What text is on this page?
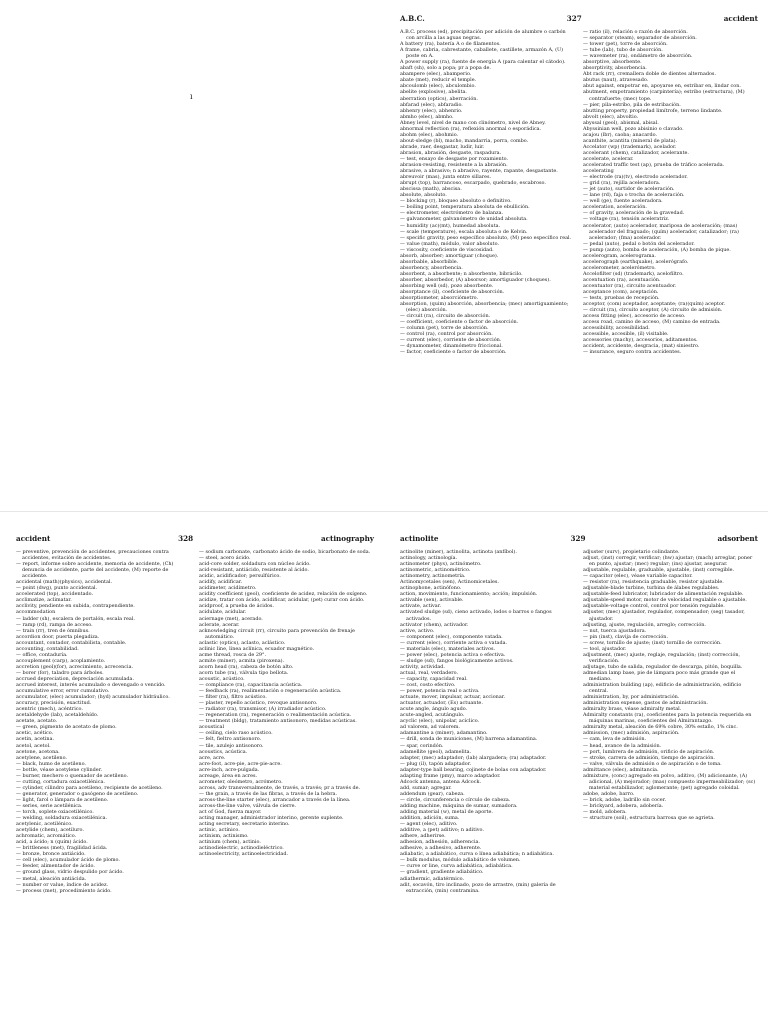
ı
A.B.C.	327	accident

A.B.C. process (ed), precipitación por adición de alumbre o carbón con arcilla a las aguas negras.

A battery (ra), batería A o de filamentos.

A frame, cabria, cabrestante, caballete, castillete, armazón A, (U) poste en A.

A power supply (ra), fuente de energía A (para calentar el cátodo).

abaft (sh), solo a popa; pr a popa de.

abampere (elec), abamperio.

abate (met), reducir el temple.

abcoulomb (elec), abculombio.

abelite (explosive), abelita.

aberration (optics), aberración.

abfarad (elec), abfaradio.

abhenry (elec), abhenrio.

abmho (elec), abmho.

Abney level, nivel de mano con clinómetro, nivel de Abney.

abnormal reflection (ra), reflexión anormal o esporádica.

abohm (elec), abohmio.

about-sledge (bl), macho, mandarria, porra, combo.

abrade, raer, desgastar, ludir, luir.

abrasion, abrasión, desgaste, raspadura.

— test, ensayo de desgaste por rozamiento.

abrasion-resisting, resistente a la abrasión.

abrasive, a abrasivo; n abrasivo, rayente, rapante, desgastante.

abreuvoir (mas), junta entre sillares.

abrupt (top), barrancoso, escarpado, quebrado, escabroso.

abscissa (math), abscisa.

absolute, absoluto.

— blocking (r), bloqueo absoluto o definitivo.

— boiling point, temperatura absoluta de ebullición.

— electrometer, electrómetro de balanza.

— galvanometer, galvanómetro de unidad absoluta.

— humidity (ac)(mt), humedad absoluta.

— scale (temperature), escala absoluta o de Kelvin.

— specific gravity, peso específico absoluto, (M) peso específico real.

— value (math), módulo, valor absoluto.

— viscosity, coeficiente de viscosidad.

absorb, absorber; amortiguar (choque).

absorbable, absorbible.

absorbency, absorbencia.

absorbent, a absorbente; n absorbente, bibrácilo.

absorber, absorbedor, (A) absorsor; amortiguador (choques).

absorbing well (sd), pozo absorbente.

absorptance (il), coeficiente de absorción.

absorptiometer, absorciómetro.

absorption, (quim) absorción, absorbencia; (mec) amortiguamiento; (elec) absorción.

— circuit (ra), circuito de absorción.

— coefficient, coeficiente o factor de absorción.

— column (pet), torre de absorción.

— control (ra), control por absorción.

— current (elec), corriente de absorción.

— dynamometer, dinamómetro friccional.

— factor, coeficiente o factor de absorción.

— ratio (il), relación o razón de absorción.

— separator (steam), separador de absorción.

— tower (pet), torre de absorción.

— tube (lab), tubo de absorción.

— wavemeter (ra), ondámetro de absorción.

absorptive, absorbente.

absorptivity, absorbencia.

Abt rack (rr), cremallera doble de dientes alternados.

abutus (naut), atravesado.

abut against, empotrar en, apoyarse en, estribar en, lindar con.

abutment, empotramiento (carpintería); estribo (estructura), (M) contrafuerte; (mec) tope.

— pier, pila-estribo, pila de estribación.

abutting property, propiedad limítrofe, terreno lindante.

abvolt (elec), abvoltio.

abyssal (geol), abismal, abisal.

Abyssinian well, pozo abisinio o clavado.

acajou (lbr), caoba; anacardo.

acanthite, acantita (mineral de plata).

Accelator (wp) (trademark), acelador.

accelerant (chem), catalizador, acelerante.

accelerate, acelerar.

accelerated traffic test (ap), prueba de tráfico acelerada.

accelerating

— electrode (ra)(tv), electrodo acelerador.

— grid (ra), rejilla aceleradora.

— jet (auto), surtidor de aceleración.

— lane (rd), faja o trocha de aceleración.

— well (ge), fuente aceleradora.

acceleration, aceleración.

— of gravity, aceleración de la gravedad.

— voltage (ra), tensión aceleratriz.

accelerator, (auto) acelerador, mariposa de aceleración; (mas) acelerador del fraguado; (quím) acelerador, catalizador; (ra) acelerador; (fma) acelerador.

— pedal (auto), pedal o botón del acelerador.

— pump (auto), bomba de aceleración, (A) bomba de pique.

accelerogram, acelerograma.

accelerograph (earthquake), acelerógrafo.

accelerometer, acelerómetro.

Accelofilter (sd) (trademark), acelofiltro.

accentuation (ra), acentuación.

accentuator (ra), circuito acentuador.

acceptance (com), aceptación.

— tests, pruebas de recepción.

acceptor, (com) aceptador, aceptante; (ra)(quím) aceptor.

— circuit (ra), circuito aceptor, (A) circuito de admisión.

access fitting (elec), accesorio de acceso.

access road, camino de acceso, (M) camino de entrada.

accessibility, accesibilidad.

accessible, accesible, (il) visitable.

accessories (machy), accesorios, aditamentos.

accident, accidente, desgracia, (mat) siniestro.

— insurance, seguro contra accidentes.

accident	328	actinography

— preventive, prevención de accidentes, precauciones contra accidentes, evitación de accidentes.

— report, informe sobre accidente, memoria de accidente, (Ch) denuncia de accidente, parte del accidente, (M) reporte de accidente.

accidental (math)(physics), accidental.

— point (dwg), punto accidental.

accelerated (top), accidentado.

acclimatize, aclimatar.

acclivity, pendiente en subida, contrapendiente.

accommodation

— ladder (sh), escalera de portalón, escala real.

— ramp (rd), rampa de acceso.

— train (rr), tren de ómnibus.

accordion door, puerta plegadiza.

accountant, contador, contabilista, contable.

accounting, contabilidad.

— office, contaduría.

accouplement (carp), acoplamiento.

accretion (geol)(for), acrecimiento, acrecencia.

— borer (for), taladro para árboles.

accrued depreciation, depreciación acumulada.

accrued interest, interés acumulado o devengado o vencido.

accumulative error, error cumulativo.

accumulator, (elec) acumulador; (hyd) acumulador hidráulico.

accuracy, precisión, exactitud.

acentric (mech), acéntrico.

acetaldehyde (lab), acetaldehído.

acetate, acetato.

— green, pigmento de acetato de plomo.

acetic, acético.

acetin, acetina.

acetol, acetol.

acetone, acetona.

acetylene, acetileno.

— black, humo de acetileno.

— bottle, véase acetylene cylinder.

— burner, mechero o quemador de acetileno.

— cutting, cortadura oxiacetilénica.

— cylinder, cilindro para acetileno, recipiente de acetileno.

— generator, generador o gasógeno de acetileno.

— light, farol o lámpara de acetileno.

— series, serie acetilénica.

— torch, soplete oxiacetilénico.

— welding, soldadura oxiacetilénica.

acetylenic, acetilénico.

acetylide (chem), acetiluro.

achromatic, acromático.

acid, a ácido; n (quím) ácido.

— brittleness (met), fragilidad ácida.

— bronze, bronce antiácido.

— cell (elec), acumulador ácido de plomo.

— feeder, alimentador de ácido.

— ground glass, vidrio despulido por ácido.

— metal, aleación antiácida.

— number or value, índice de acidez.

— process (met), procedimiento ácido.

— sodium carbonate, carbonato ácido de sodio, bicarbonato de soda.

— steel, acero ácido.

acid-core solder, soldadura con núcleo ácido.

acid-resistant, antiácido, resistente al ácido.

acidic, acidificador; persulfúrico.

acidify, acidificar.

acidimeter, acidímetro.

acidity coefficient (geol), coeficiente de acidez, relación de oxígeno.

acidize, tratar con ácido, acidificar, acidular, (pet) curar con ácido.

acidproof, a prueba de ácidos.

acidulate, acidular.

aciernage (met), acerado.

aclerate, acerar.

acknowledging circuit (rr), circuito para prevención de frenaje automático.

aclastic (optics), aclasto, aclástico.

aclinic line, línea aclínica, ecuador magnético.

acme thread, rosca de 29°.

acmite (miner), acmita (piroxena).

acorn head (ra), cabeza de botón alto.

acorn tube (ra), válvula tipo bellota.

acoustic, acústico.

— compliance (ra), capacitancia acústica.

— feedback (ra), realimentación o regeneración acústica.

— filter (ra), filtro acústico.

— plaster, repello acústico, revoque antisonoro.

— radiator (ra), transmisor, (A) irradiador acústico.

— regeneration (ra), regeneración o realimentación acústica.

— treatment (bldg), tratamiento antisonoro, medidas acústicas.

acoustical

— ceiling, cielo raso acústico.

— felt, fieltro antisonoro.

— tile, azulejo antisonoro.

acoustics, acústica.

acre, acre.

acre-foot, acre-pie, acre-pie-acre.

acre-inch, acre-pulgada.

acreage, área en acres.

acrometer, oleómetro, acrómetro.

across, adv transversalmente, de través, a través; pr a través de.

— the grain, a través de las fibras, a través de la hebra.

across-the-line starter (elec), arrancador a través de la línea.

across-the-line valve, válvula de cierre.

act of God, fuerza mayor.

acting manager, administrador interino, gerente suplente.

acting secretary, secretario interino.

actinic, actínico.

actinism, actinismo.

actinium (chem), actinio.

actinodielectric, actinodieléctrico.

actinoelectricity, actinoelectricidad.

actinolite	329	adsorbent

actinolite (miner), actinolita, actinota (anfíbol).

actinology, actinología.

actinometer (phys), actinómetro.

actinometric, actinométrico.

actinometry, actinometría.

Actinomycetales (sen), Actinomicetales.

actinophone, actinófono.

action, movimiento, funcionamiento; acción; impulsión.

activable (sen), activable.

activate, activar.

activated sludge (sd), cieno activado, lodos o barros o fangos activados.

activator (chem), activador.

active, activo.

— component (elec), componente vatada.

— current (elec), corriente activa o vatada.

— materials (elec), materiales activos.

— power (elec), potencia activa o efectiva.

— sludge (sd), fangos biológicamente activos.

activity, actividad.

actual, real, verdadero.

— capacity, capacidad real.

— cost, costo efectivo.

— power, potencia real o activa.

actuate, mover, impulsar, actuar, accionar.

actuator, actuador, (Es) actuante.

acute angle, ángulo agudo.

acute-angled, acutángulo.

acyclic (elec), unipolar, acíclico.

ad valorem, ad valorem.

adamantine a (miner), adamantino.

— drill, sonda de municiones, (M) barrena adamantina.

— spar, corindón.

adamellite (geol), adamelita.

adapter, (mec) adaptador; (lab) alargadera; (ra) adaptador.

— plug (il), tapón adaptador.

adapter-type ball bearing, cojinete de bolas con adaptador.

adapting frame (pmy), marco adaptador.

Adcock antenna, antena Adcock.

add, sumar; agregar.

addendum (gear), cabeza.

— circle, circunferencia o círculo de cabeza.

adding machine, máquina de sumar, sumadora.

adding material (w), metal de aporte.

addition, adición, suma.

— agent (elec), aditivo.

additive, a (pet) aditivo; n aditivo.

adhere, adherirse.

adhesion, adhesión, adherencia.

adhesive, a adhesivo, adherente.

adiabatic, a adiabático, curva o línea adiabática; n adiabática.

— bulk modulus, módulo adiabático de volumen.

— curve or line, curva adiabática, adiabática.

— gradient, gradiente adiabático.

adiathermic, adiatérmico.

adit, socavón, tiro inclinado, pozo de arrastre, (min) galería de extracción, (min) contramina.

adjuster (surv), propietario colindante.

adjust, (inst) corregir, verificar; (hw) ajustar; (mach) arreglar, poner en punto, ajustar; (mec) regular; (ins) ajustar, asegurar.

adjustable, regulable, graduable, ajustable, (inst) corregible.

— capacitor (elec), véase variable capacitor.

— resistor (ra), resistencia graduable, resistor ajustable.

adjustable-blade turbine, turbina de álabes regulables.

adjustable-feed lubricator, lubricador de alimentación regulable.

adjustable-speed motor, motor de velocidad regulable o ajustable.

adjustable-voltage control, control por tensión regulable.

adjuster, (mec) ajustador, regulador, compensador; (seg) tasador, ajustador.

adjusting, ajuste, regulación, arreglo; corrección.

— nut, tuerca ajustadora.

— pin (inst), clavija de corrección.

— screw, tornillo de ajuste; (inst) tornillo de corrección.

— tool, ajustador.

adjustment, (mec) ajuste, reglaje, regulación; (inst) corrección, verificación.

adjutage, tubo de salida, regulador de descarga, pitón, boquilla.

admedian lamp base, pie de lámpara poco más grande que el mediano.

administration building (ap), edificio de administración, edificio central.

administration, by, por administración.

administration expense, gastos de administración.

admiralty brass, véase admiralty metal.

Admiralty constants (ra), coeficientes para la potencia requerida en máquinas marinas, coeficientes del Almirantazgo.

admiralty metal, aleación de 69% cobre, 30% estaño, 1% cinc.

admission, (mec) admisión, aspiración.

— cam, leva de admisión.

— head, avance de la admisión.

— port, lumbrera de admisión, orificio de aspiración.

— stroke, carrera de admisión, tiempo de aspiración.

— valve, válvula de admisión o de aspiración o de toma.

admittance (elec), admitancia.

admixture, (conc) agregado en polvo, aditivo, (M) adicionante, (A) adicional, (A) mejorador; (mas) compuesto impermeabilizador; (sc) material estabilizador, aglomerante; (pet) agregado coloidal.

adobe, adobe, barro.

— brick, adobe, ladrillo sin cocer.

— brickyard, adobera, adobería.

— mold, adobera.

— structure (soil), estructura barrosa que se agrieta.
